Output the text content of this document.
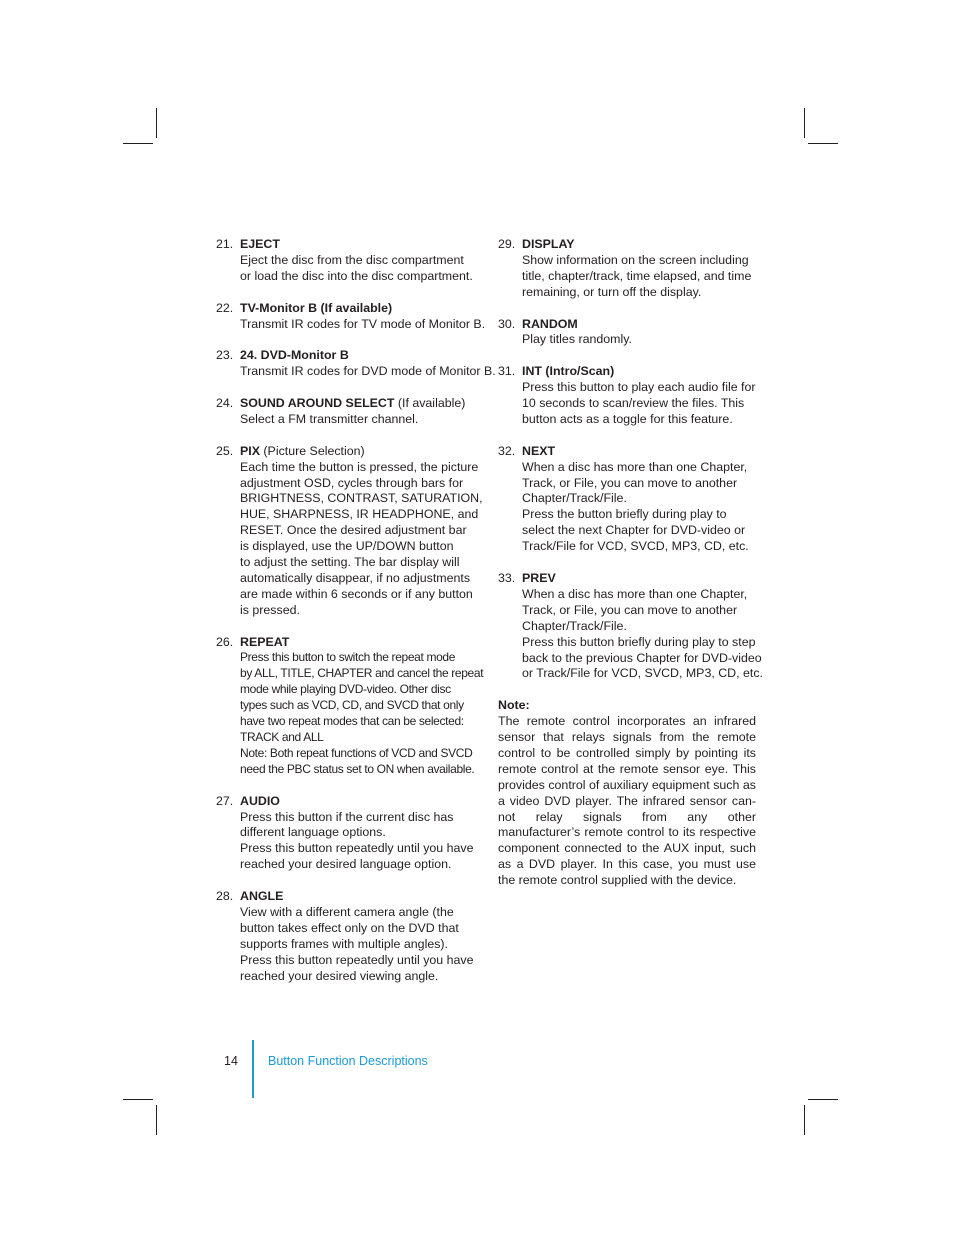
21. EJECT
Eject the disc from the disc compartment
or load the disc into the disc compartment.
22. TV-Monitor B (If available)
Transmit IR codes for TV mode of Monitor B.
23. 24. DVD-Monitor B
Transmit IR codes for DVD mode of Monitor B.
24. SOUND AROUND SELECT (If available)
Select a FM transmitter channel.
25. PIX (Picture Selection)
Each time the button is pressed, the picture
adjustment OSD, cycles through bars for
BRIGHTNESS, CONTRAST, SATURATION,
HUE, SHARPNESS, IR HEADPHONE, and
RESET. Once the desired adjustment bar
is displayed, use the UP/DOWN button
to adjust the setting. The bar display will
automatically disappear, if no adjustments
are made within 6 seconds or if any button
is pressed.
26. REPEAT
Press this button to switch the repeat mode
by ALL, TITLE, CHAPTER and cancel the repeat
mode while playing DVD-video. Other disc
types such as VCD, CD, and SVCD that only
have two repeat modes that can be selected:
TRACK and ALL
Note: Both repeat functions of VCD and SVCD
need the PBC status set to ON when available.
27. AUDIO
Press this button if the current disc has
different language options.
Press this button repeatedly until you have
reached your desired language option.
28. ANGLE
View with a different camera angle (the
button takes effect only on the DVD that
supports frames with multiple angles).
Press this button repeatedly until you have
reached your desired viewing angle.
29. DISPLAY
Show information on the screen including
title, chapter/track, time elapsed, and time
remaining, or turn off the display.
30. RANDOM
Play titles randomly.
31. INT (Intro/Scan)
Press this button to play each audio file for
10 seconds to scan/review the files. This
button acts as a toggle for this feature.
32. NEXT
When a disc has more than one Chapter,
Track, or File, you can move to another
Chapter/Track/File.
Press the button briefly during play to
select the next Chapter for DVD-video or
Track/File for VCD, SVCD, MP3, CD, etc.
33. PREV
When a disc has more than one Chapter,
Track, or File, you can move to another
Chapter/Track/File.
Press this button briefly during play to step
back to the previous Chapter for DVD-video
or Track/File for VCD, SVCD, MP3, CD, etc.
Note:
The remote control incorporates an infrared sensor that relays signals from the remote control to be controlled simply by pointing its remote control at the remote sensor eye. This provides control of auxiliary equipment such as a video DVD player. The infrared sensor can-not relay signals from any other manufacturer’s remote control to its respective component connected to the AUX input, such as a DVD player. In this case, you must use the remote control supplied with the device.
14 Button Function Descriptions
